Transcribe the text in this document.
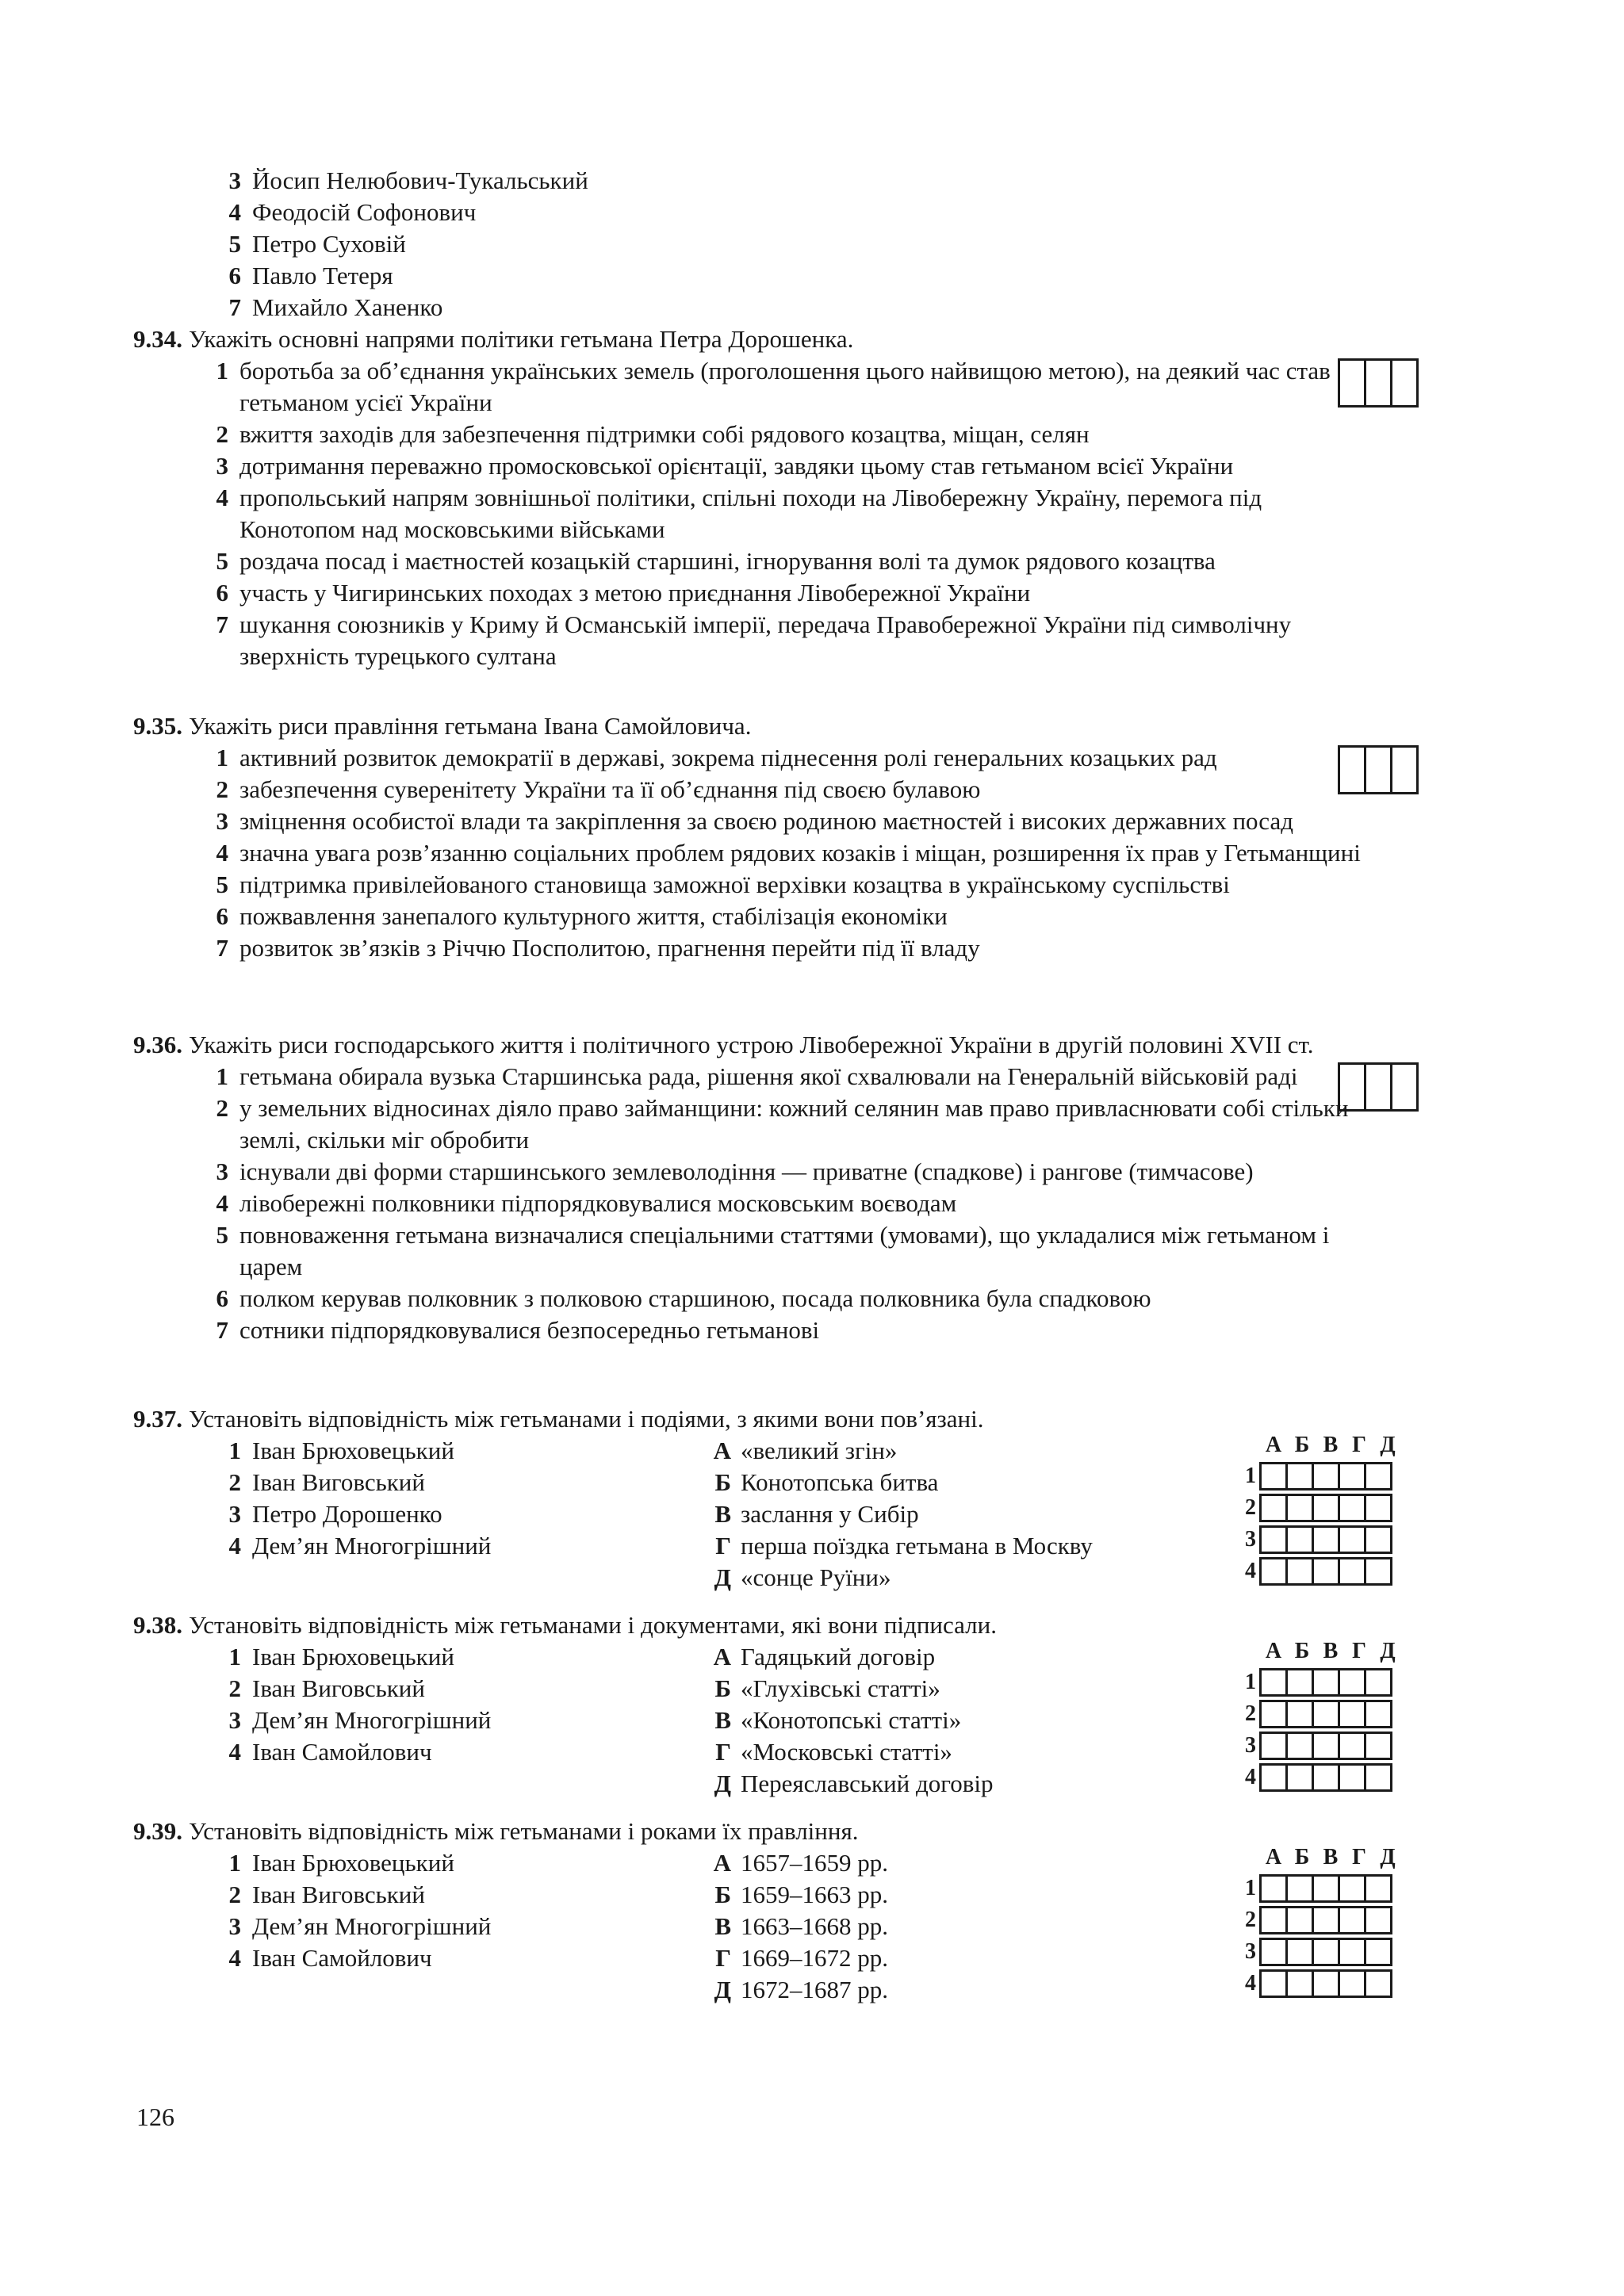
3 Йосип Нелюбович-Тукальський
4 Феодосій Софонович
5 Петро Суховій
6 Павло Тетеря
7 Михайло Ханенко
9.34. Укажіть основні напрями політики гетьмана Петра Дорошенка.
1 боротьба за об’єднання українських земель (проголошення цього найвищою метою), на деякий час став гетьманом усієї України
2 вжиття заходів для забезпечення підтримки собі рядового козацтва, міщан, селян
3 дотримання переважно промосковської орієнтації, завдяки цьому став гетьманом всієї України
4 пропольський напрям зовнішньої політики, спільні походи на Лівобережну Україну, перемога під Конотопом над московськими військами
5 роздача посад і маєтностей козацькій старшині, ігнорування волі та думок рядового козацтва
6 участь у Чигиринських походах з метою приєднання Лівобережної України
7 шукання союзників у Криму й Османській імперії, передача Правобережної України під символічну зверхність турецького султана
9.35. Укажіть риси правління гетьмана Івана Самойловича.
1 активний розвиток демократії в державі, зокрема піднесення ролі генеральних козацьких рад
2 забезпечення суверенітету України та її об’єднання під своєю булавою
3 зміцнення особистої влади та закріплення за своєю родиною маєтностей і високих державних посад
4 значна увага розв’язанню соціальних проблем рядових козаків і міщан, розширення їх прав у Гетьманщині
5 підтримка привілейованого становища заможної верхівки козацтва в українському суспільстві
6 пожвавлення занепалого культурного життя, стабілізація економіки
7 розвиток зв’язків з Річчю Посполитою, прагнення перейти під її владу
9.36. Укажіть риси господарського життя і політичного устрою Лівобережної України в другій половині XVII ст.
1 гетьмана обирала вузька Старшинська рада, рішення якої схвалювали на Генеральній військовій раді
2 у земельних відносинах діяло право займанщини: кожний селянин мав право привласнювати собі стільки землі, скільки міг обробити
3 існували дві форми старшинського землеволодіння — приватне (спадкове) і рангове (тимчасове)
4 лівобережні полковники підпорядковувалися московським воєводам
5 повноваження гетьмана визначалися спеціальними статтями (умовами), що укладалися між гетьманом і царем
6 полком керував полковник з полковою старшиною, посада полковника була спадковою
7 сотники підпорядковувалися безпосередньо гетьманові
9.37. Установіть відповідність між гетьманами і подіями, з якими вони пов’язані.
1 Іван Брюховецький
2 Іван Виговський
3 Петро Дорошенко
4 Дем’ян Многогрішний
А «великий згін»
Б Конотопська битва
В заслання у Сибір
Г перша поїздка гетьмана в Москву
Д «сонце Руїни»
А Б В Г Д
1
2
3
4
9.38. Установіть відповідність між гетьманами і документами, які вони підписали.
1 Іван Брюховецький
2 Іван Виговський
3 Дем’ян Многогрішний
4 Іван Самойлович
А Гадяцький договір
Б «Глухівські статті»
В «Конотопські статті»
Г «Московські статті»
Д Переяславський договір
А Б В Г Д
1
2
3
4
9.39. Установіть відповідність між гетьманами і роками їх правління.
1 Іван Брюховецький
2 Іван Виговський
3 Дем’ян Многогрішний
4 Іван Самойлович
А 1657–1659 рр.
Б 1659–1663 рр.
В 1663–1668 рр.
Г 1669–1672 рр.
Д 1672–1687 рр.
А Б В Г Д
1
2
3
4
126
